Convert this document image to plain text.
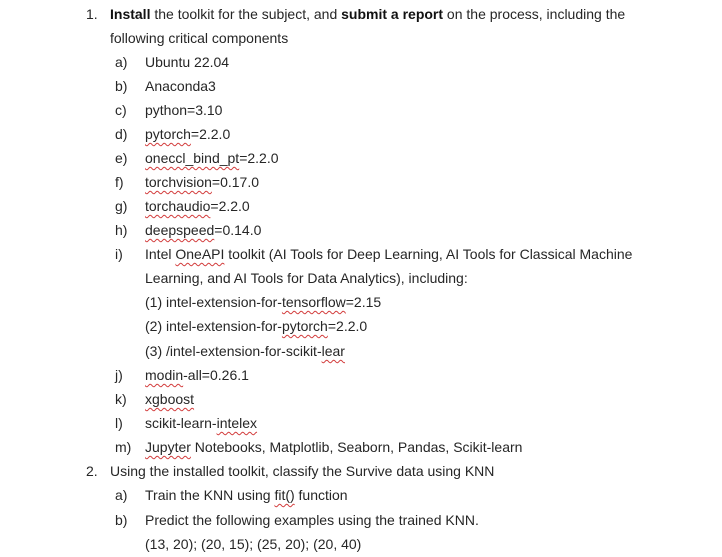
1. Install the toolkit for the subject, and submit a report on the process, including the
following critical components
a) Ubuntu 22.04
b) Anaconda3
c) python=3.10
d) pytorch=2.2.0
e) oneccl_bind_pt=2.2.0
f) torchvision=0.17.0
g) torchaudio=2.2.0
h) deepspeed=0.14.0
i) Intel OneAPI toolkit (AI Tools for Deep Learning, AI Tools for Classical Machine
Learning, and AI Tools for Data Analytics), including:
(1) intel-extension-for-tensorflow=2.15
(2) intel-extension-for-pytorch=2.2.0
(3) /intel-extension-for-scikit-lear
j) modin-all=0.26.1
k) xgboost
l) scikit-learn-intelex
m) Jupyter Notebooks, Matplotlib, Seaborn, Pandas, Scikit-learn
2. Using the installed toolkit, classify the Survive data using KNN
a) Train the KNN using fit() function
b) Predict the following examples using the trained KNN.
(13, 20); (20, 15); (25, 20); (20, 40)
